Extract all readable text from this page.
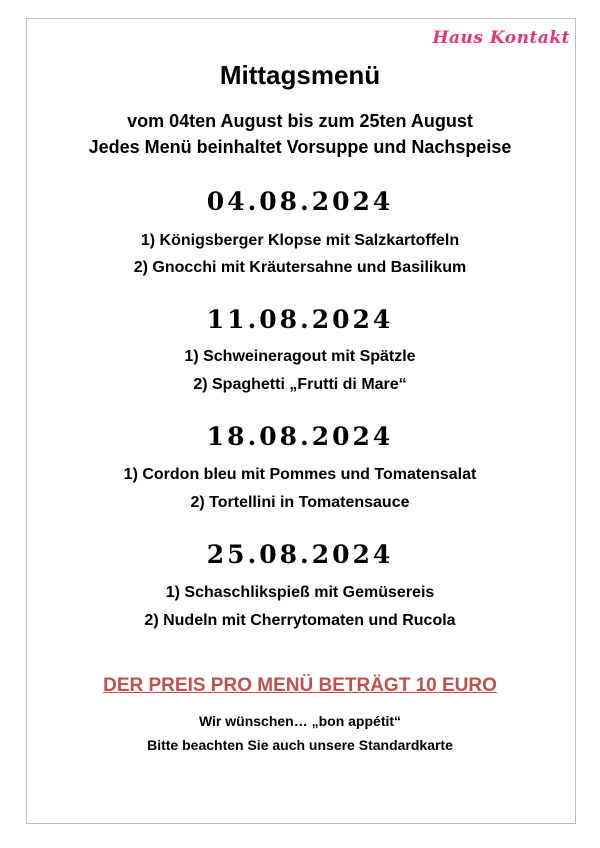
Haus Kontakt
Mittagsmenü
vom 04ten August bis zum 25ten August
Jedes Menü beinhaltet Vorsuppe und Nachspeise
04.08.2024
1) Königsberger Klopse mit Salzkartoffeln
2) Gnocchi mit Kräutersahne und Basilikum
11.08.2024
1) Schweineragout mit Spätzle
2) Spaghetti „Frutti di Mare“
18.08.2024
1) Cordon bleu mit Pommes und Tomatensalat
2) Tortellini in Tomatensauce
25.08.2024
1) Schaschlikspieß mit Gemüsereis
2) Nudeln mit Cherrytomaten und Rucola
DER PREIS PRO MENÜ BETRÄGT 10 EURO
Wir wünschen… „bon appétit“
Bitte beachten Sie auch unsere Standardkarte
